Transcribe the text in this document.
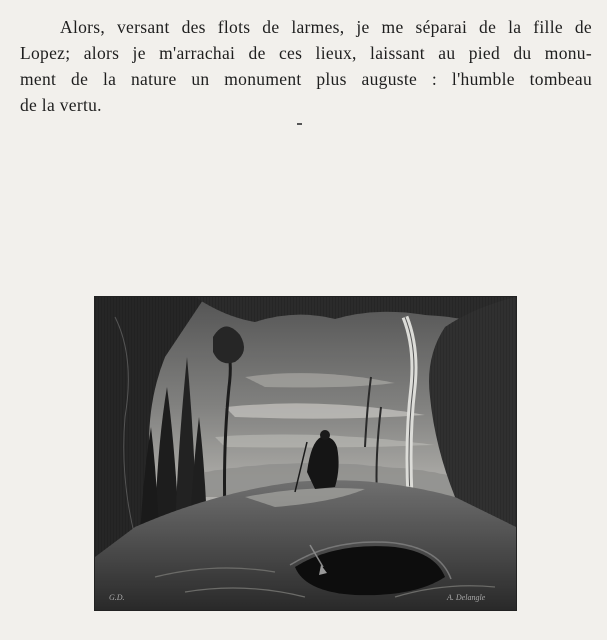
Alors, versant des flots de larmes, je me séparai de la fille de
Lopez; alors je m'arrachai de ces lieux, laissant au pied du monu-
ment de la nature un monument plus auguste : l'humble tombeau
de la vertu.
G.D.	A. Delangle
